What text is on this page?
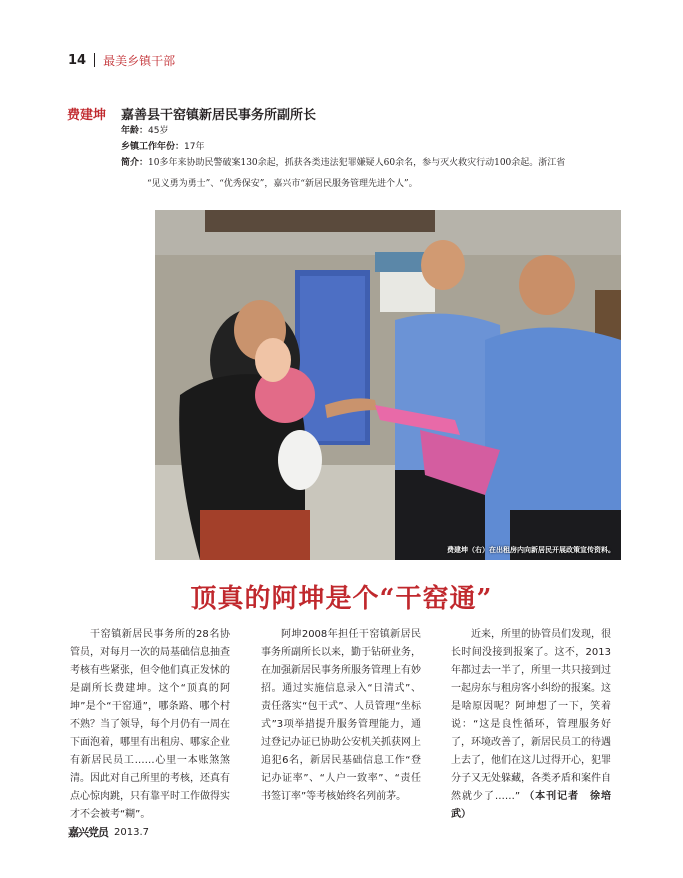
14 最美乡镇干部
费建坤 嘉善县干窑镇新居民事务所副所长
年龄：45岁
乡镇工作年份：17年
简介：10多年来协助民警破案130余起，抓获各类违法犯罪嫌疑人60余名，参与灭火救灾行动100余起。浙江省
“见义勇为勇士”、“优秀保安”，嘉兴市“新居民服务管理先进个人”。
费建坤（右）在出租房内向新居民开展政策宣传资料。
顶真的阿坤是个“干窑通”

干窑镇新居民事务所的28名协管员，对每月一次的局基础信息抽查考核有些紧张，但令他们真正发怵的是副所长费建坤。这个“顶真的阿坤”是个“干窑通”，哪条路、哪个村不熟？当了领导，每个月仍有一周在下面泡着，哪里有出租房、哪家企业有新居民员工……心里一本账煞煞清。因此对自己所里的考核，还真有点心惊肉跳，只有靠平时工作做得实才不会被考“糊”。

阿坤2008年担任干窑镇新居民事务所副所长以来，勤于钻研业务，在加强新居民事务所服务管理上有妙招。通过实施信息录入“日清式”、责任落实“包干式”、人员管理“坐标式”3项举措提升服务管理能力，通过登记办证已协助公安机关抓获网上追犯6名，新居民基础信息工作“登记办证率”、“人户一致率”、“责任书签订率”等考核始终名列前茅。

近来，所里的协管员们发现，很长时间没接到报案了。这不，2013年都过去一半了，所里一共只接到过一起房东与租房客小纠纷的报案。这是啥原因呢？阿坤想了一下，笑着说：“这是良性循环，管理服务好了，环境改善了，新居民员工的待遇上去了，他们在这儿过得开心，犯罪分子又无处躲藏，各类矛盾和案件自然就少了……” （本刊记者　徐培武）

嘉兴党员 2013.7
